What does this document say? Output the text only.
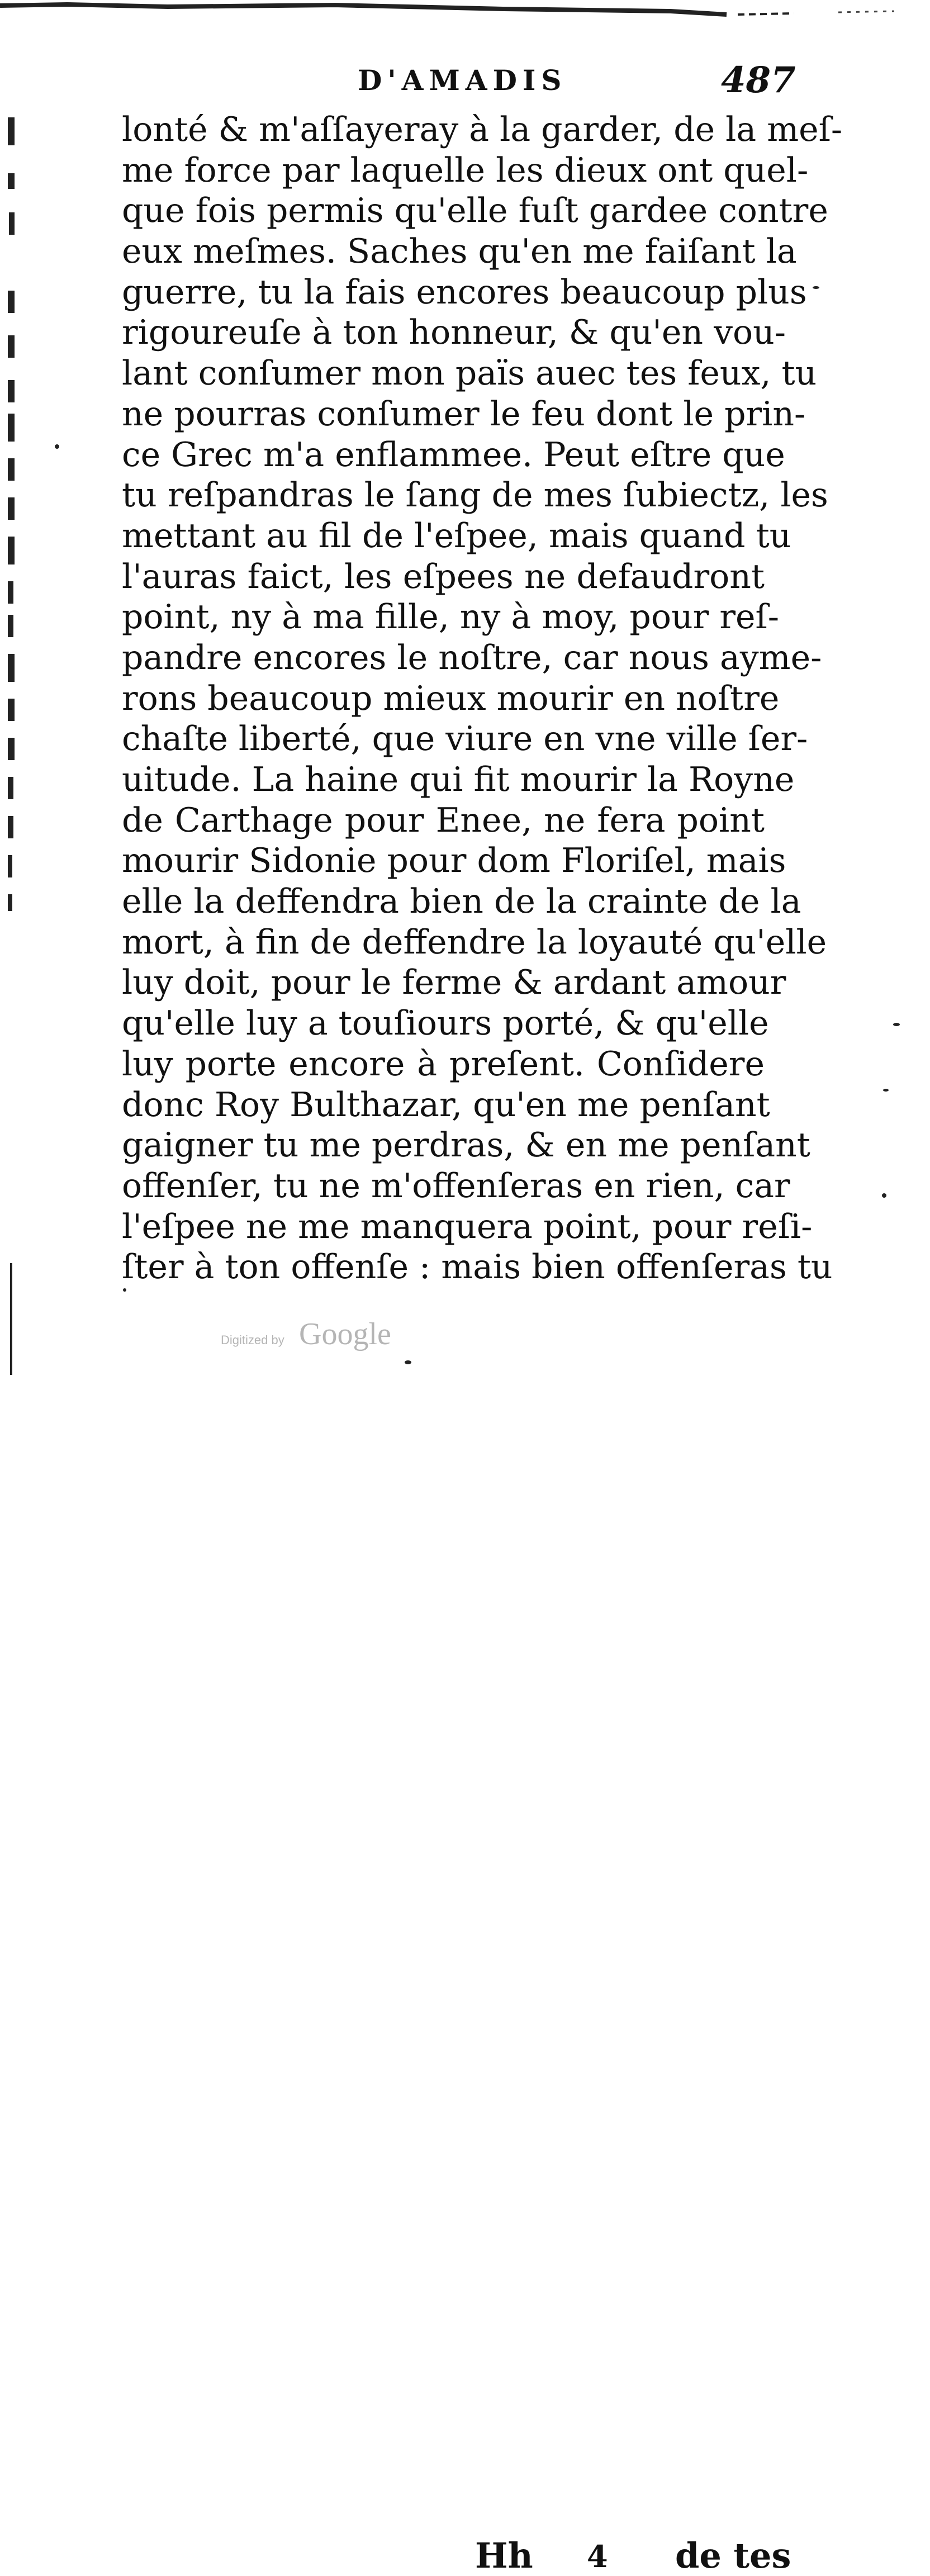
D'AMADIS	487
lonté & m'aſſayeray à la garder, de la meſ-
me force par laquelle les dieux ont quel-
que fois permis qu'elle fuſt gardee contre
eux meſmes. Saches qu'en me faiſant la
guerre, tu la fais encores beaucoup plus
rigoureuſe à ton honneur, & qu'en vou-
lant conſumer mon païs auec tes feux, tu
ne pourras conſumer le feu dont le prin-
ce Grec m'a enflammee. Peut eſtre que
tu reſpandras le ſang de mes ſubiectz, les
mettant au fil de l'eſpee, mais quand tu
l'auras faict, les eſpees ne defaudront
point, ny à ma fille, ny à moy, pour reſ-
pandre encores le noſtre, car nous ayme-
rons beaucoup mieux mourir en noſtre
chaſte liberté, que viure en vne ville ſer-
uitude. La haine qui fit mourir la Royne
de Carthage pour Enee, ne fera point
mourir Sidonie pour dom Floriſel, mais
elle la deffendra bien de la crainte de la
mort, à fin de deffendre la loyauté qu'elle
luy doit, pour le ferme & ardant amour
qu'elle luy a touſiours porté, & qu'elle
luy porte encore à preſent. Conſidere
donc Roy Bulthazar, qu'en me penſant
gaigner tu me perdras, & en me penſant
offenſer, tu ne m'offenſeras en rien, car
l'eſpee ne me manquera point, pour reſi-
ſter à ton offenſe : mais bien offenſeras tu
Hh 4 de tes
Digitized by Google
